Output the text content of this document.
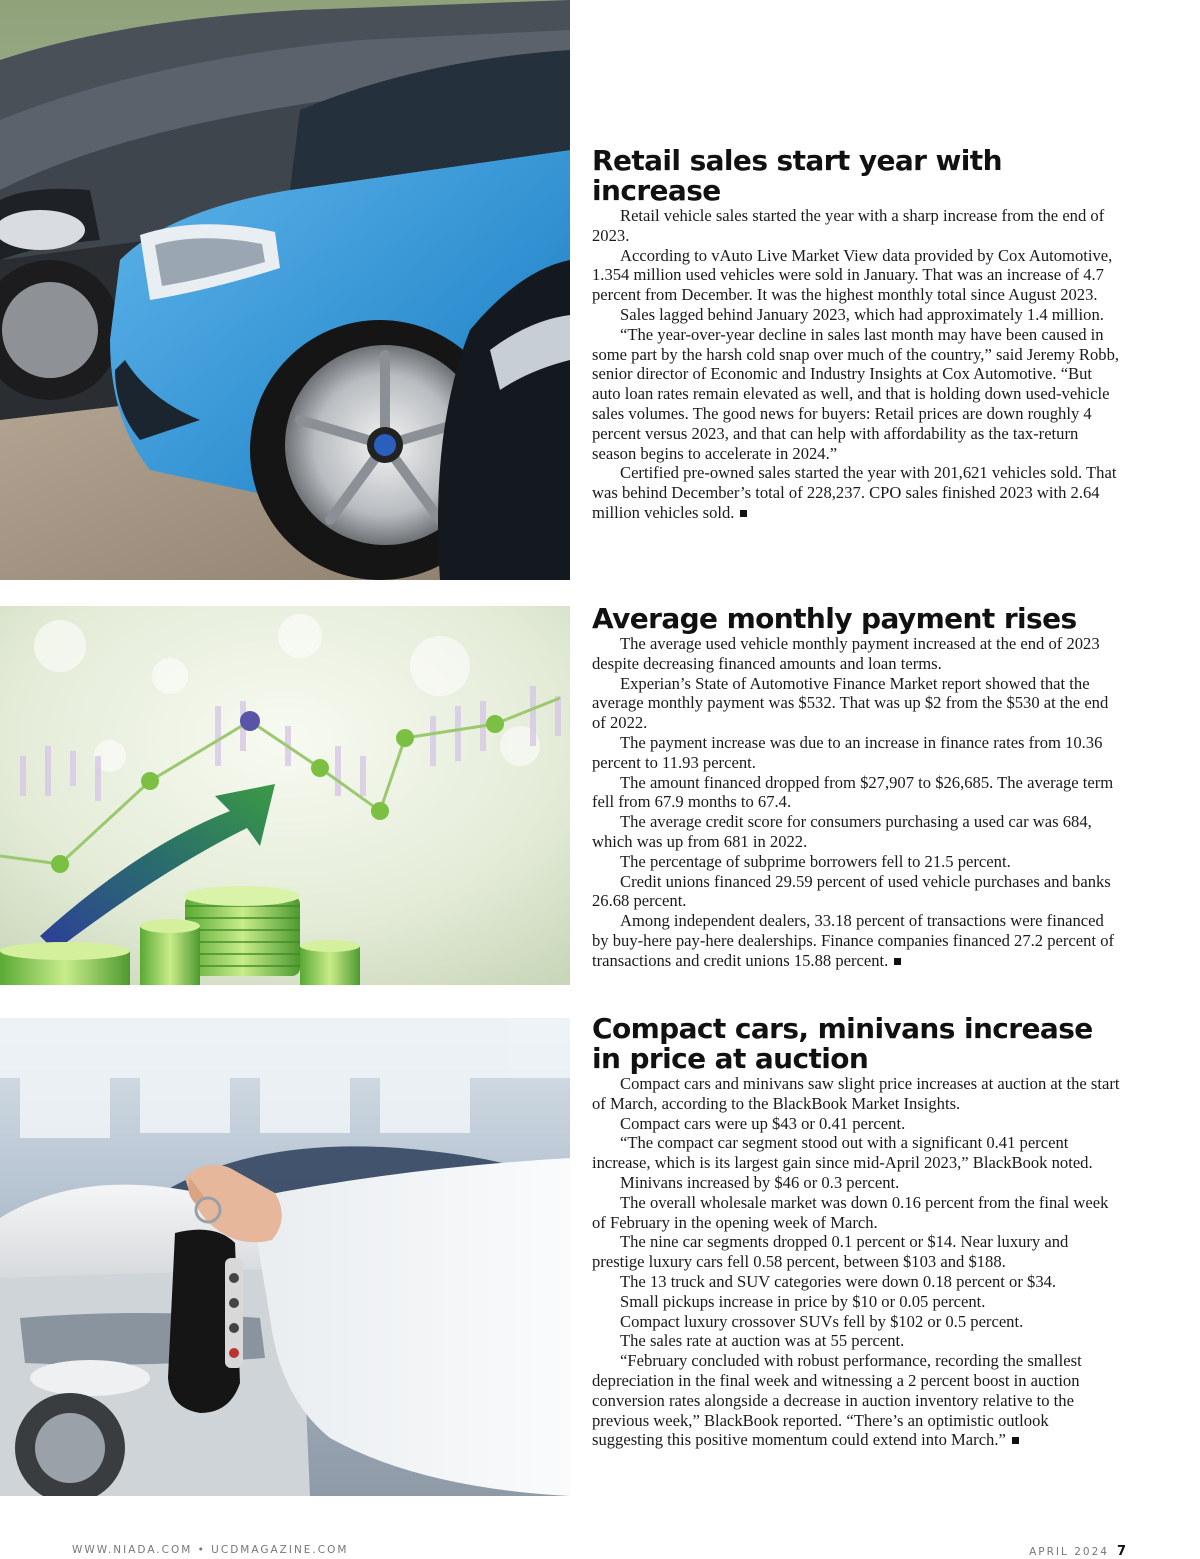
Retail sales start year with increase

Retail vehicle sales started the year with a sharp increase from the end of 2023.

According to vAuto Live Market View data provided by Cox Automotive, 1.354 million used vehicles were sold in January. That was an increase of 4.7 percent from December. It was the highest monthly total since August 2023.

Sales lagged behind January 2023, which had approximately 1.4 million.

“The year-over-year decline in sales last month may have been caused in some part by the harsh cold snap over much of the country,” said Jeremy Robb, senior director of Economic and Industry Insights at Cox Automotive. “But auto loan rates remain elevated as well, and that is holding down used-vehicle sales volumes. The good news for buyers: Retail prices are down roughly 4 percent versus 2023, and that can help with affordability as the tax-return season begins to accelerate in 2024.”

Certified pre-owned sales started the year with 201,621 vehicles sold. That was behind December’s total of 228,237. CPO sales finished 2023 with 2.64 million vehicles sold.

Average monthly payment rises

The average used vehicle monthly payment increased at the end of 2023 despite decreasing financed amounts and loan terms.

Experian’s State of Automotive Finance Market report showed that the average monthly payment was $532. That was up $2 from the $530 at the end of 2022.

The payment increase was due to an increase in finance rates from 10.36 percent to 11.93 percent.

The amount financed dropped from $27,907 to $26,685. The average term fell from 67.9 months to 67.4.

The average credit score for consumers purchasing a used car was 684, which was up from 681 in 2022.

The percentage of subprime borrowers fell to 21.5 percent.

Credit unions financed 29.59 percent of used vehicle purchases and banks 26.68 percent.

Among independent dealers, 33.18 percent of transactions were financed by buy-here pay-here dealerships. Finance companies financed 27.2 percent of transactions and credit unions 15.88 percent.

Compact cars, minivans increase in price at auction

Compact cars and minivans saw slight price increases at auction at the start of March, according to the BlackBook Market Insights.

Compact cars were up $43 or 0.41 percent.

“The compact car segment stood out with a significant 0.41 percent increase, which is its largest gain since mid-April 2023,” BlackBook noted.

Minivans increased by $46 or 0.3 percent.

The overall wholesale market was down 0.16 percent from the final week of February in the opening week of March.

The nine car segments dropped 0.1 percent or $14. Near luxury and prestige luxury cars fell 0.58 percent, between $103 and $188.

The 13 truck and SUV categories were down 0.18 percent or $34.

Small pickups increase in price by $10 or 0.05 percent.

Compact luxury crossover SUVs fell by $102 or 0.5 percent.

The sales rate at auction was at 55 percent.

“February concluded with robust performance, recording the smallest depreciation in the final week and witnessing a 2 percent boost in auction conversion rates alongside a decrease in auction inventory relative to the previous week,” BlackBook reported. “There’s an optimistic outlook suggesting this positive momentum could extend into March.”

WWW.NIADA.COM • UCDMAGAZINE.COM	APRIL 2024 7
